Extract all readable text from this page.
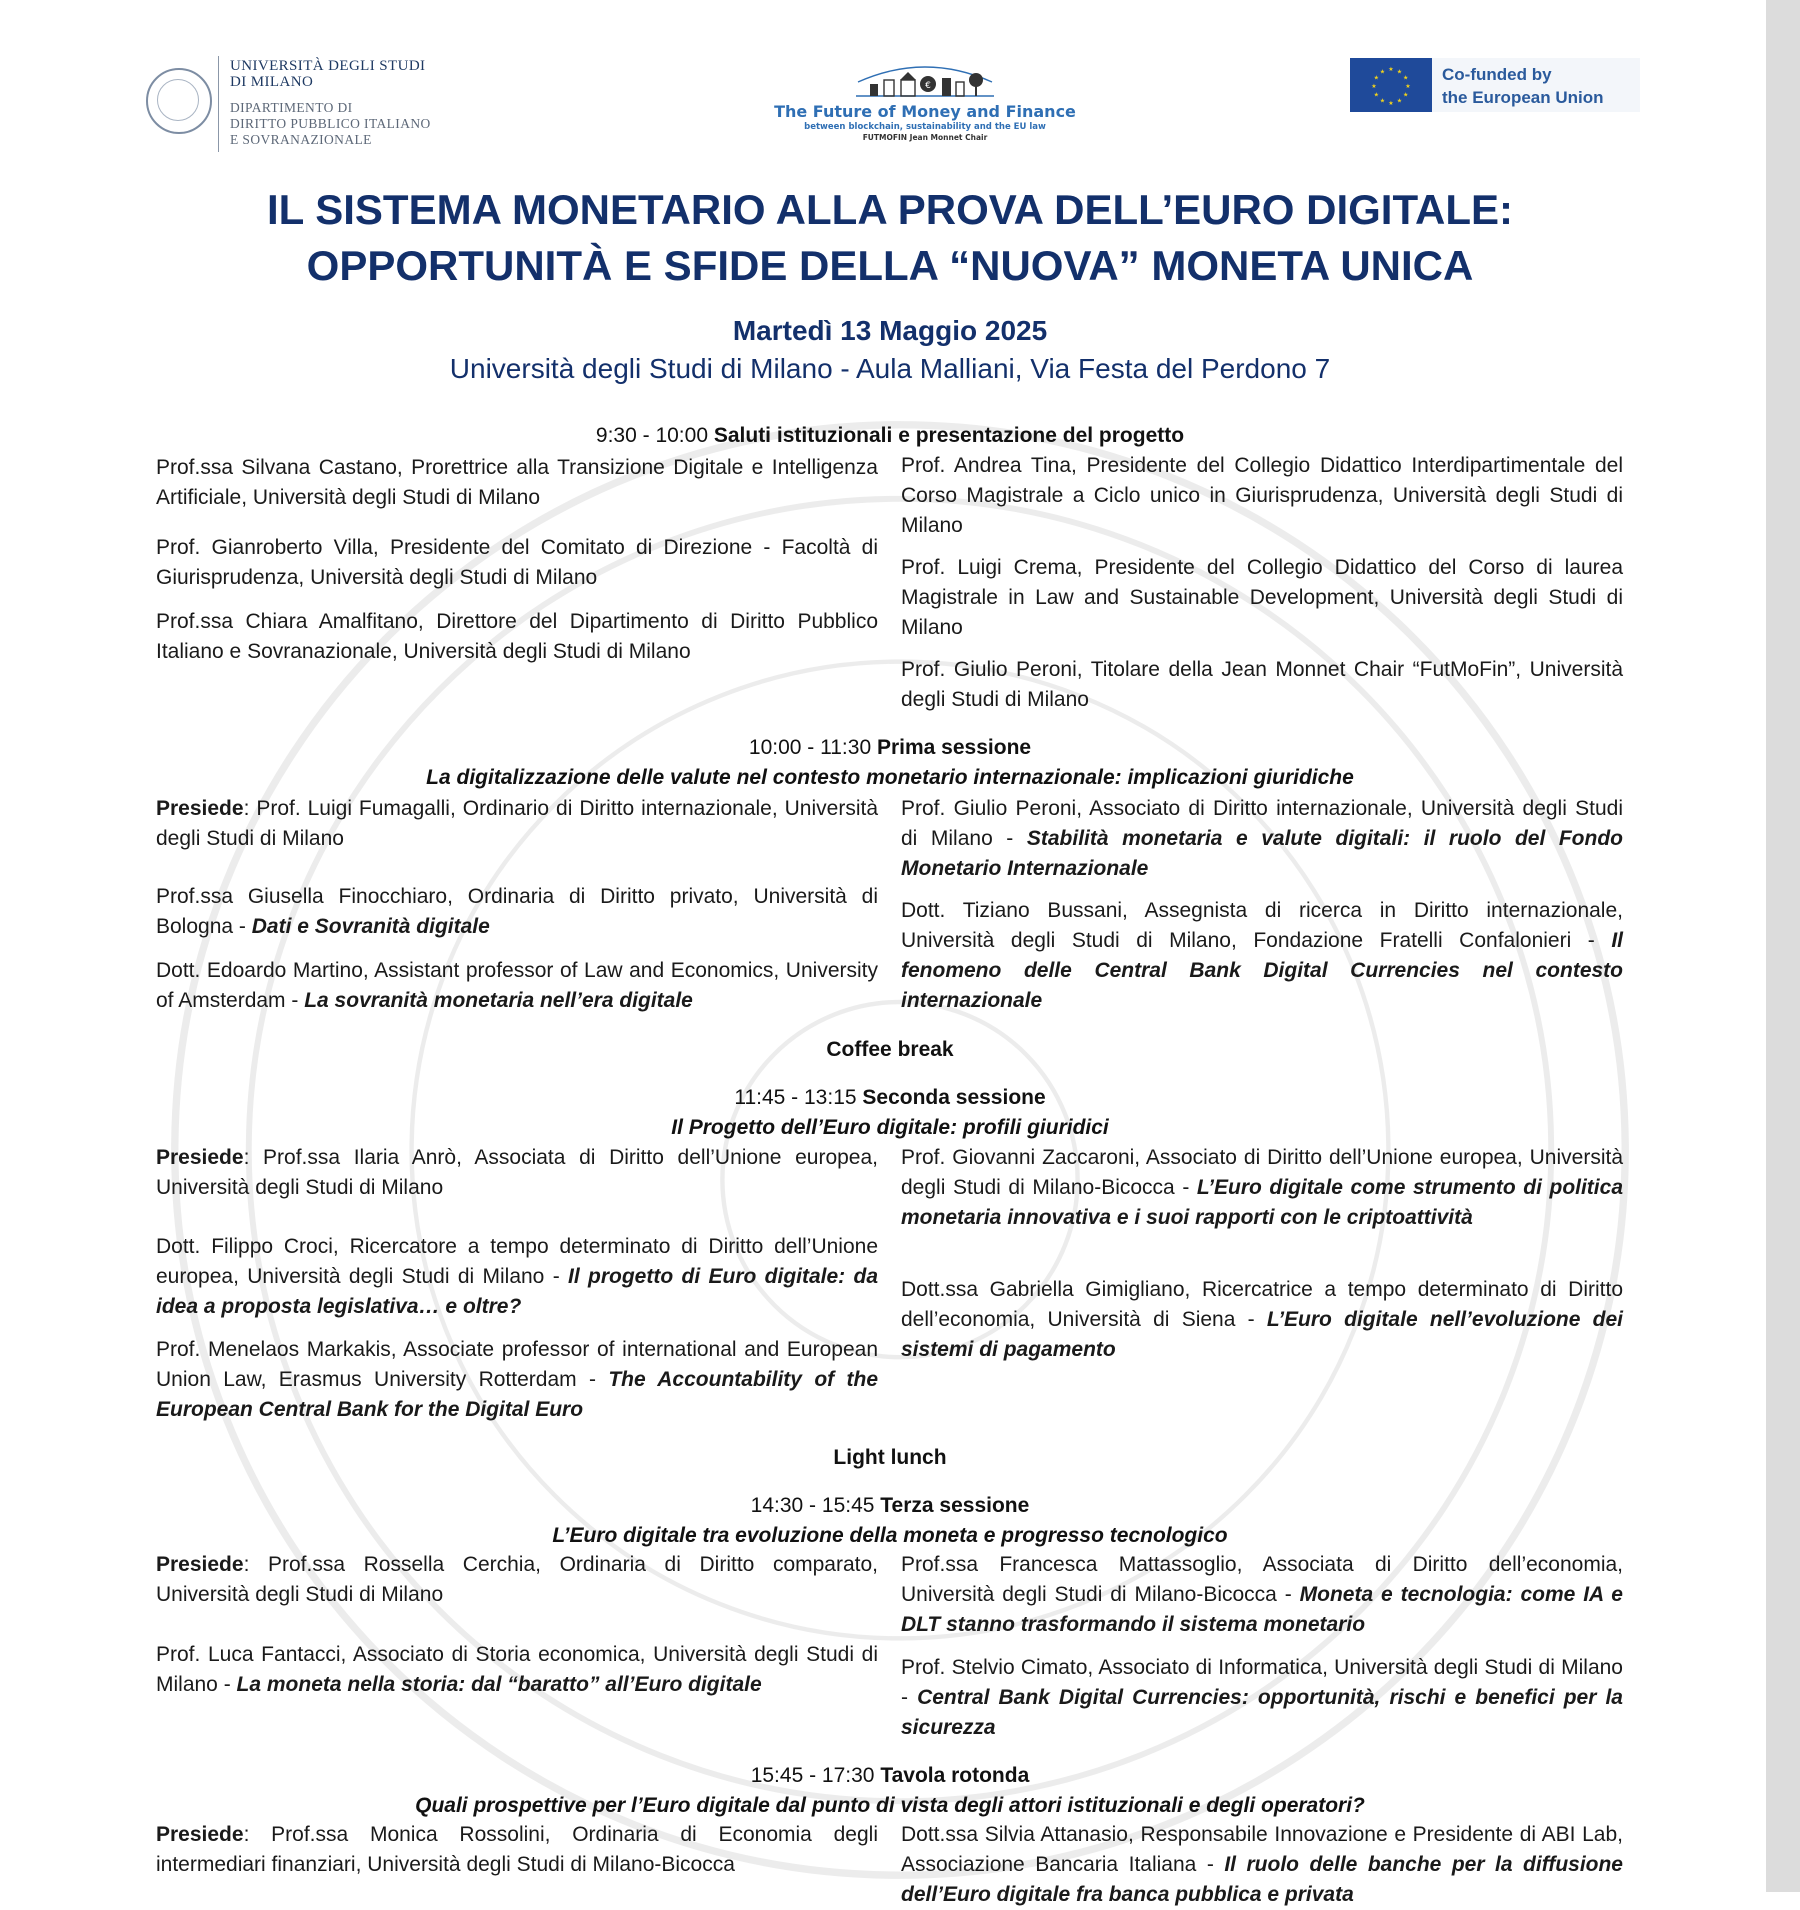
UNIVERSITÀ DEGLI STUDI
DI MILANO
DIPARTIMENTO DI
DIRITTO PUBBLICO ITALIANO
E SOVRANAZIONALE
€
The Future of Money and Finance
between blockchain, sustainability and the EU law
FUTMOFIN Jean Monnet Chair
★ ★
★
★
★
★
★
★
★
★
★
★	Co-funded by
the European Union
IL SISTEMA MONETARIO ALLA PROVA DELL’EURO DIGITALE:
OPPORTUNITÀ E SFIDE DELLA “NUOVA” MONETA UNICA
Martedì 13 Maggio 2025
Università degli Studi di Milano - Aula Malliani, Via Festa del Perdono 7
9:30 - 10:00 Saluti istituzionali e presentazione del progetto
Prof.ssa Silvana Castano, Prorettrice alla Transizione Digitale e Intelligenza Artificiale, Università degli Studi di Milano
Prof. Gianroberto Villa, Presidente del Comitato di Direzione - Facoltà di Giurisprudenza, Università degli Studi di Milano
Prof.ssa Chiara Amalfitano, Direttore del Dipartimento di Diritto Pubblico Italiano e Sovranazionale, Università degli Studi di Milano
Prof. Andrea Tina, Presidente del Collegio Didattico Interdipartimentale del Corso Magistrale a Ciclo unico in Giurisprudenza, Università degli Studi di Milano
Prof. Luigi Crema, Presidente del Collegio Didattico del Corso di laurea Magistrale in Law and Sustainable Development, Università degli Studi di Milano
Prof. Giulio Peroni, Titolare della Jean Monnet Chair “FutMoFin”, Università degli Studi di Milano
10:00 - 11:30 Prima sessione
La digitalizzazione delle valute nel contesto monetario internazionale: implicazioni giuridiche
Presiede: Prof. Luigi Fumagalli, Ordinario di Diritto internazionale, Università degli Studi di Milano
Prof.ssa Giusella Finocchiaro, Ordinaria di Diritto privato, Università di Bologna - Dati e Sovranità digitale
Dott. Edoardo Martino, Assistant professor of Law and Economics, University of Amsterdam - La sovranità monetaria nell’era digitale
Prof. Giulio Peroni, Associato di Diritto internazionale, Università degli Studi di Milano - Stabilità monetaria e valute digitali: il ruolo del Fondo Monetario Internazionale
Dott. Tiziano Bussani, Assegnista di ricerca in Diritto internazionale, Università degli Studi di Milano, Fondazione Fratelli Confalonieri - Il fenomeno delle Central Bank Digital Currencies nel contesto internazionale
Coffee break
11:45 - 13:15 Seconda sessione
Il Progetto dell’Euro digitale: profili giuridici
Presiede: Prof.ssa Ilaria Anrò, Associata di Diritto dell’Unione europea, Università degli Studi di Milano
Dott. Filippo Croci, Ricercatore a tempo determinato di Diritto dell’Unione europea, Università degli Studi di Milano - Il progetto di Euro digitale: da idea a proposta legislativa… e oltre?
Prof. Menelaos Markakis, Associate professor of international and European Union Law, Erasmus University Rotterdam - The Accountability of the European Central Bank for the Digital Euro
Prof. Giovanni Zaccaroni, Associato di Diritto dell’Unione europea, Università degli Studi di Milano-Bicocca - L’Euro digitale come strumento di politica monetaria innovativa e i suoi rapporti con le criptoattività
Dott.ssa Gabriella Gimigliano, Ricercatrice a tempo determinato di Diritto dell’economia, Università di Siena - L’Euro digitale nell’evoluzione dei sistemi di pagamento
Light lunch
14:30 - 15:45 Terza sessione
L’Euro digitale tra evoluzione della moneta e progresso tecnologico
Presiede: Prof.ssa Rossella Cerchia, Ordinaria di Diritto comparato, Università degli Studi di Milano
Prof. Luca Fantacci, Associato di Storia economica, Università degli Studi di Milano - La moneta nella storia: dal “baratto” all’Euro digitale
Prof.ssa Francesca Mattassoglio, Associata di Diritto dell’economia, Università degli Studi di Milano-Bicocca - Moneta e tecnologia: come IA e DLT stanno trasformando il sistema monetario
Prof. Stelvio Cimato, Associato di Informatica, Università degli Studi di Milano - Central Bank Digital Currencies: opportunità, rischi e benefici per la sicurezza
15:45 - 17:30 Tavola rotonda
Quali prospettive per l’Euro digitale dal punto di vista degli attori istituzionali e degli operatori?
Presiede: Prof.ssa Monica Rossolini, Ordinaria di Economia degli intermediari finanziari, Università degli Studi di Milano-Bicocca
Dott.ssa Silvia Attanasio, Responsabile Innovazione e Presidente di ABI Lab, Associazione Bancaria Italiana - Il ruolo delle banche per la diffusione dell’Euro digitale fra banca pubblica e privata
